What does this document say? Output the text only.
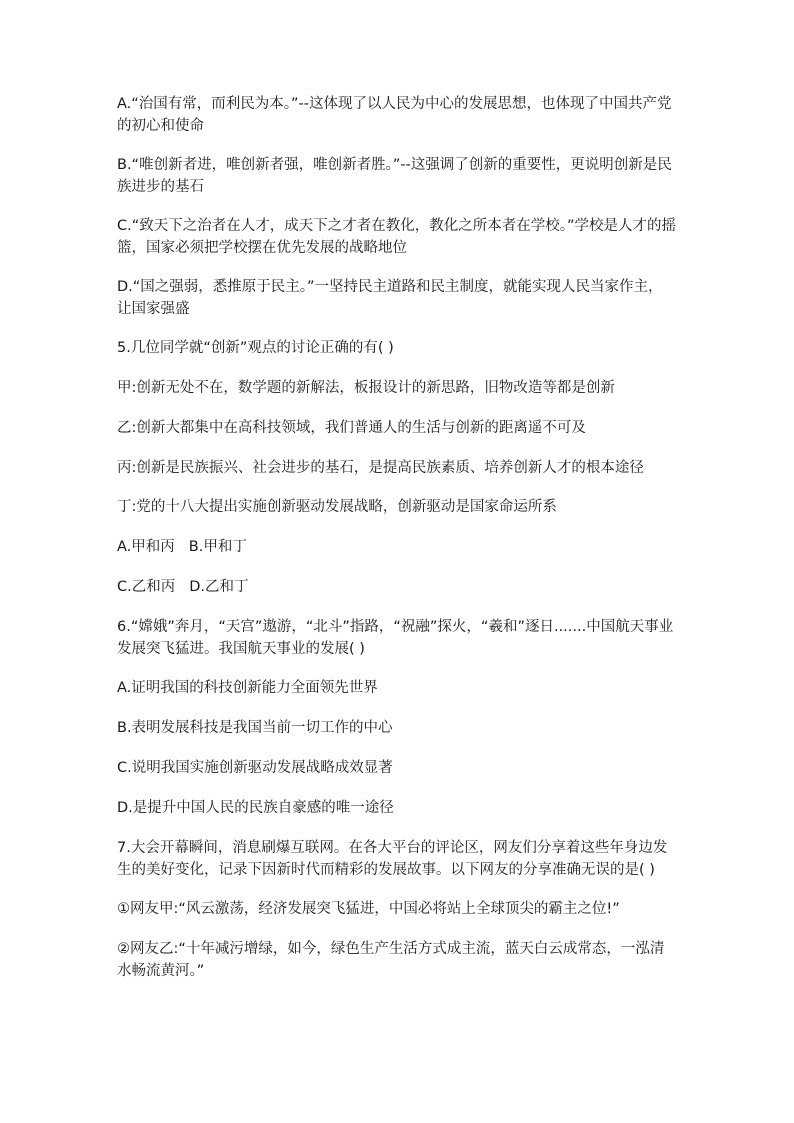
A.“治国有常，而利民为本。”--这体现了以人民为中心的发展思想，也体现了中国共产党的初心和使命

B.“唯创新者进，唯创新者强，唯创新者胜。”--这强调了创新的重要性，更说明创新是民族进步的基石

C.“致天下之治者在人才，成天下之才者在教化，教化之所本者在学校。”学校是人才的摇篮，国家必须把学校摆在优先发展的战略地位

D.“国之强弱，悉推原于民主。”一坚持民主道路和民主制度，就能实现人民当家作主，让国家强盛

5.几位同学就“创新”观点的讨论正确的有( )

甲:创新无处不在，数学题的新解法，板报设计的新思路，旧物改造等都是创新

乙:创新大都集中在高科技领域，我们普通人的生活与创新的距离遥不可及

丙:创新是民族振兴、社会进步的基石，是提高民族素质、培养创新人才的根本途径

丁:党的十八大提出实施创新驱动发展战略，创新驱动是国家命运所系

A.甲和丙 B.甲和丁
C.乙和丙 D.乙和丁

6.“嫦娥”奔月，“天宫”遨游，“北斗”指路，“祝融”探火，“羲和”逐日.......中国航天事业发展突飞猛进。我国航天事业的发展( )

A.证明我国的科技创新能力全面领先世界

B.表明发展科技是我国当前一切工作的中心

C.说明我国实施创新驱动发展战略成效显著

D.是提升中国人民的民族自豪感的唯一途径

7.大会开幕瞬间，消息刷爆互联网。在各大平台的评论区，网友们分享着这些年身边发生的美好变化，记录下因新时代而精彩的发展故事。以下网友的分享准确无误的是( )

①网友甲:“风云激荡，经济发展突飞猛进，中国必将站上全球顶尖的霸主之位!”

②网友乙:“十年减污增绿，如今，绿色生产生活方式成主流，蓝天白云成常态，一泓清水畅流黄河。”
